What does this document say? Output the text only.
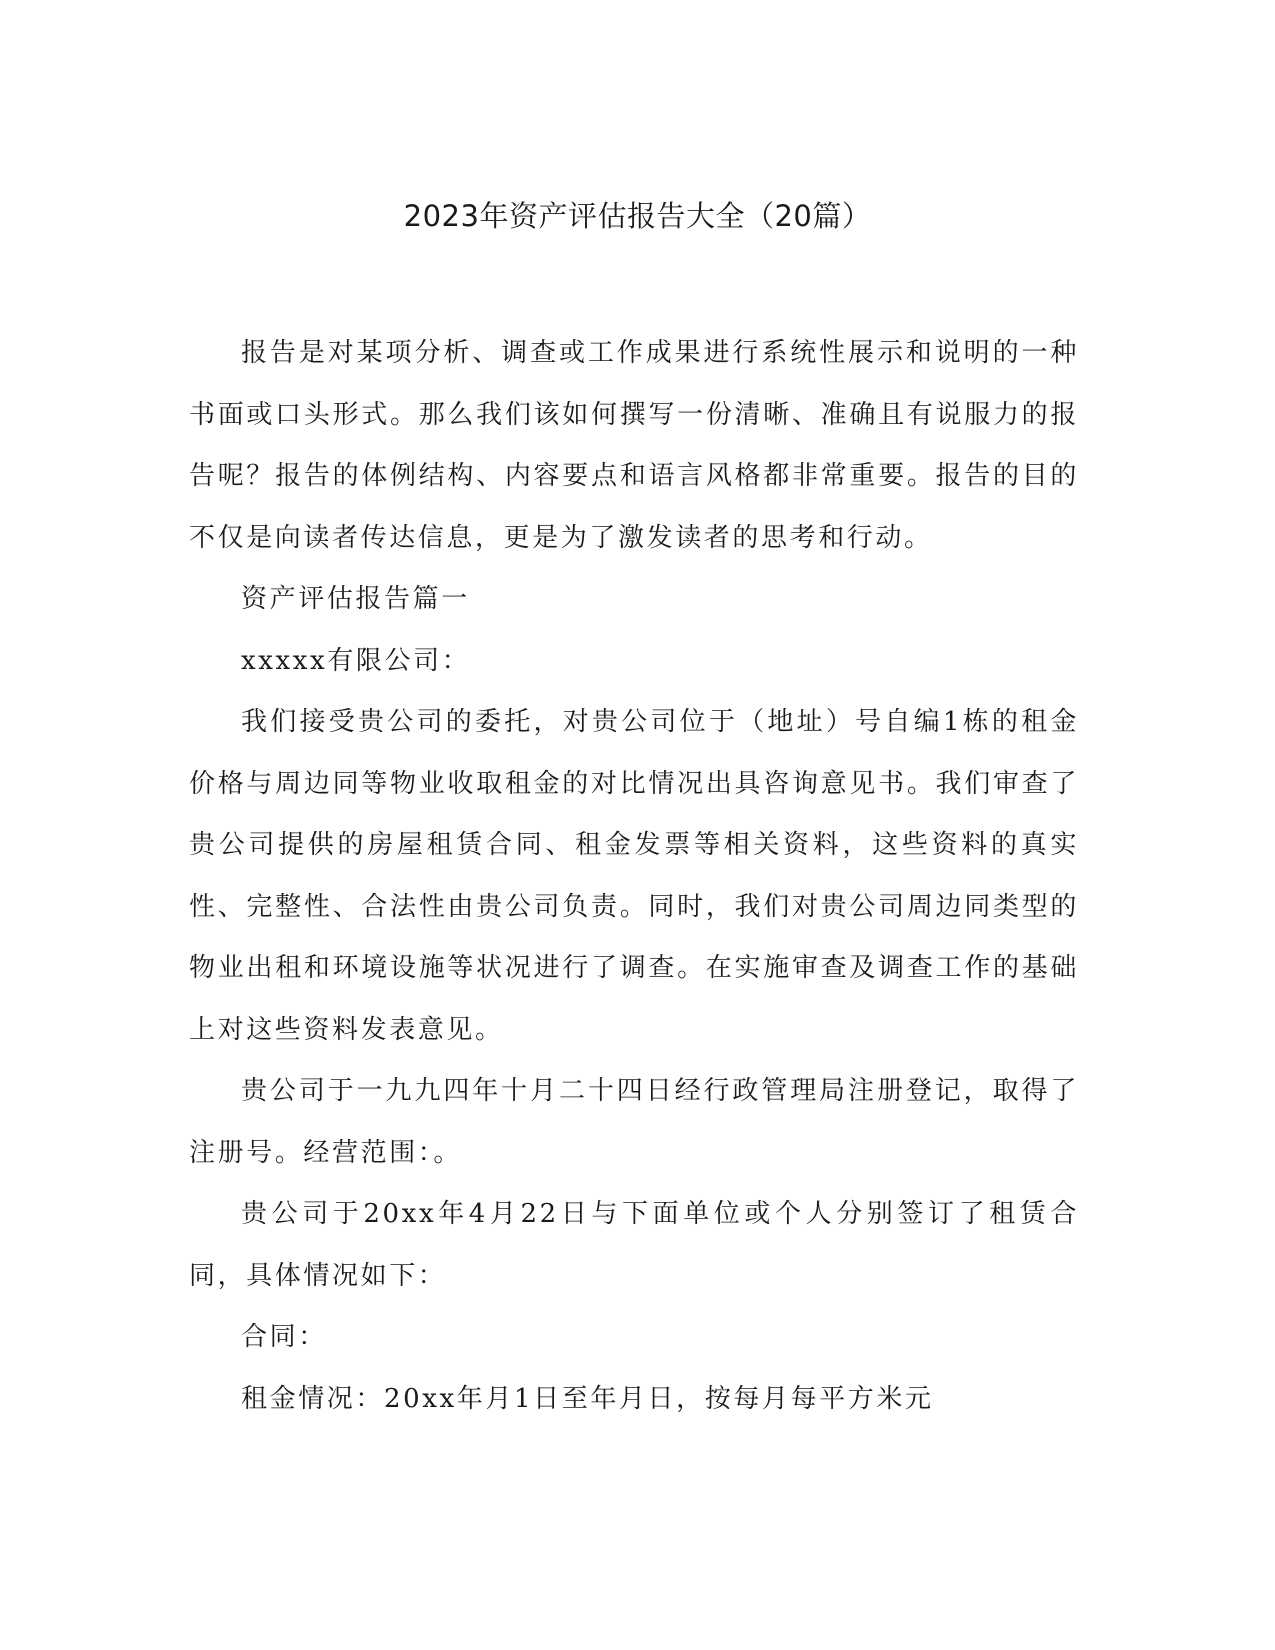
2023年资产评估报告大全（20篇）

报告是对某项分析、调查或工作成果进行系统性展示和说明的一种书面或口头形式。那么我们该如何撰写一份清晰、准确且有说服力的报告呢？报告的体例结构、内容要点和语言风格都非常重要。报告的目的不仅是向读者传达信息，更是为了激发读者的思考和行动。

资产评估报告篇一

xxxxx有限公司：

我们接受贵公司的委托，对贵公司位于（地址）号自编1栋的租金价格与周边同等物业收取租金的对比情况出具咨询意见书。我们审查了贵公司提供的房屋租赁合同、租金发票等相关资料，这些资料的真实性、完整性、合法性由贵公司负责。同时，我们对贵公司周边同类型的物业出租和环境设施等状况进行了调查。在实施审查及调查工作的基础上对这些资料发表意见。

贵公司于一九九四年十月二十四日经行政管理局注册登记，取得了注册号。经营范围：。

贵公司于20xx年4月22日与下面单位或个人分别签订了租赁合同，具体情况如下：

合同：

租金情况：20xx年月1日至年月日，按每月每平方米元
